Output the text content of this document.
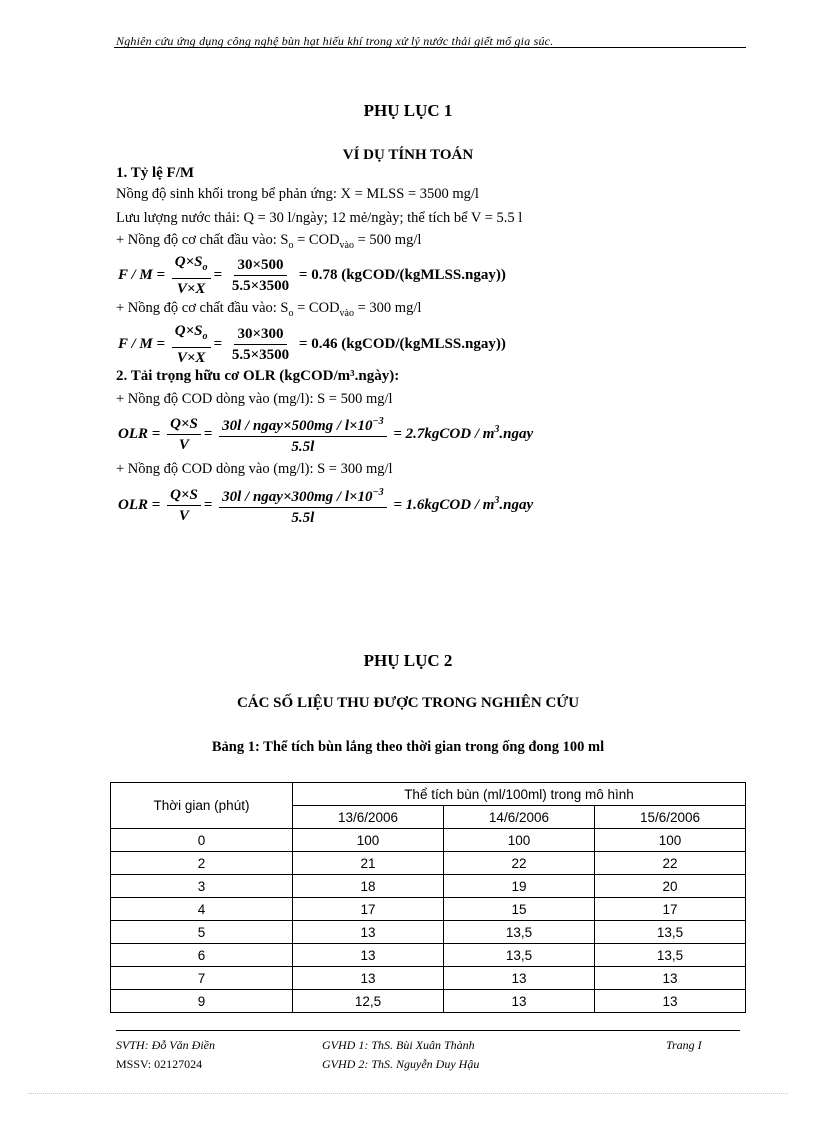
Nghiên cứu ứng dụng công nghệ bùn hạt hiếu khí trong xử lý nước thải giết mổ gia súc.
PHỤ LỤC 1
VÍ DỤ TÍNH TOÁN
1. Tỷ lệ F/M
Nồng độ sinh khối trong bể phản ứng: X = MLSS = 3500 mg/l
Lưu lượng nước thải: Q = 30 l/ngày; 12 mẻ/ngày; thể tích bể V = 5.5 l
+ Nồng độ cơ chất đầu vào: $S_o = COD_{vào} = 500$ mg/l
$F / M = \frac{Q\times S_o}{V\times X} = \frac{30\times 500}{5.5\times 3500} = 0.78$ (kgCOD/(kgMLSS.ngay))
+ Nồng độ cơ chất đầu vào: $S_o = COD_{vào} = 300$ mg/l
$F / M = \frac{Q\times S_o}{V\times X} = \frac{30\times 300}{5.5\times 3500} = 0.46$ (kgCOD/(kgMLSS.ngay))
2. Tải trọng hữu cơ OLR (kgCOD/m³.ngày):
+ Nồng độ COD dòng vào (mg/l): S = 500 mg/l
OLR = $\frac{Q\times S}{V} = \frac{30l / ngay\times 500mg / l\times 10^{-3}}{5.5l}$ = 2.7kgCOD / $m^3.ngay$
+ Nồng độ COD dòng vào (mg/l): S = 300 mg/l
OLR = $\frac{Q\times S}{V} = \frac{30l / ngay\times 300mg / l\times 10^{-3}}{5.5l}$ = 1.6kgCOD / $m^3.ngay$
PHỤ LỤC 2
CÁC SỐ LIỆU THU ĐƯỢC TRONG NGHIÊN CỨU
Bảng 1: Thể tích bùn lắng theo thời gian trong ống đong 100 ml
Thời gian (phút)	Thể tích bùn (ml/100ml) trong mô hình		
	13/6/2006	14/6/2006	15/6/2006
0	100	100	100
2	21	22	22
3	18	19	20
4	17	15	17
5	13	13,5	13,5
6	13	13,5	13,5
7	13	13	13
9	12,5	13	13
SVTH: Đỗ Văn Điền
MSSV: 02127024
GVHD 1: ThS. Bùi Xuân Thành
GVHD 2: ThS. Nguyễn Duy Hậu
Trang I
